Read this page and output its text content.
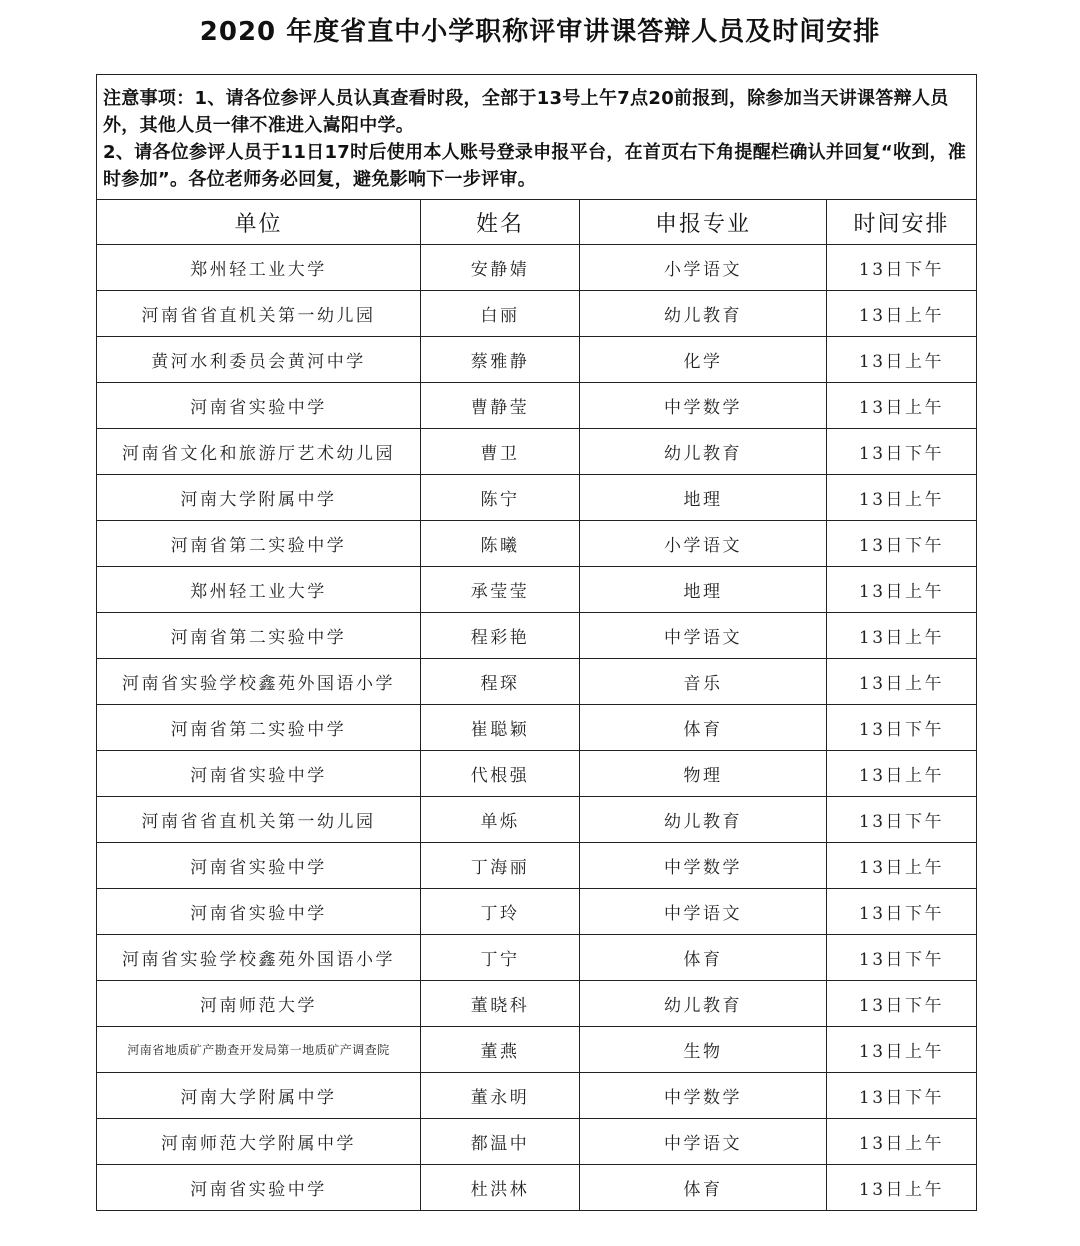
2020 年度省直中小学职称评审讲课答辩人员及时间安排
注意事项：1、请各位参评人员认真查看时段，全部于13号上午7点20前报到，除参加当天讲课答辩人员外，其他人员一律不准进入嵩阳中学。
2、请各位参评人员于11日17时后使用本人账号登录申报平台，在首页右下角提醒栏确认并回复“收到，准时参加”。各位老师务必回复，避免影响下一步评审。			
单位	姓名	申报专业	时间安排
郑州轻工业大学	安静婧	小学语文	13日下午
河南省省直机关第一幼儿园	白丽	幼儿教育	13日上午
黄河水利委员会黄河中学	蔡雅静	化学	13日上午
河南省实验中学	曹静莹	中学数学	13日上午
河南省文化和旅游厅艺术幼儿园	曹卫	幼儿教育	13日下午
河南大学附属中学	陈宁	地理	13日上午
河南省第二实验中学	陈曦	小学语文	13日下午
郑州轻工业大学	承莹莹	地理	13日上午
河南省第二实验中学	程彩艳	中学语文	13日上午
河南省实验学校鑫苑外国语小学	程琛	音乐	13日上午
河南省第二实验中学	崔聪颖	体育	13日下午
河南省实验中学	代根强	物理	13日上午
河南省省直机关第一幼儿园	单烁	幼儿教育	13日下午
河南省实验中学	丁海丽	中学数学	13日上午
河南省实验中学	丁玲	中学语文	13日下午
河南省实验学校鑫苑外国语小学	丁宁	体育	13日下午
河南师范大学	董晓科	幼儿教育	13日下午
河南省地质矿产勘查开发局第一地质矿产调查院	董燕	生物	13日上午
河南大学附属中学	董永明	中学数学	13日下午
河南师范大学附属中学	都温中	中学语文	13日上午
河南省实验中学	杜洪林	体育	13日上午
